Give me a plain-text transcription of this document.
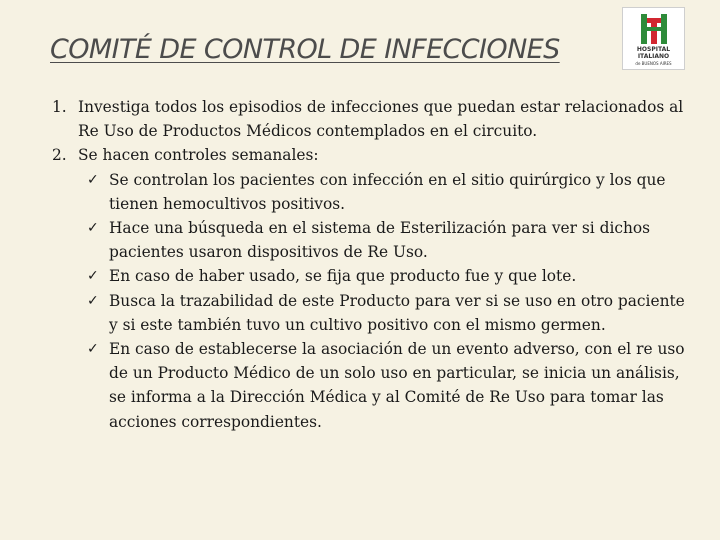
COMITÉ DE CONTROL DE INFECCIONES	HOSPITAL
ITALIANO
de BUENOS AIRES
1. Investiga todos los episodios de infecciones que puedan estar relacionados al Re Uso de Productos Médicos contemplados en el circuito.
2. Se hacen controles semanales:
✓ Se controlan los pacientes con infección en el sitio quirúrgico y los que tienen hemocultivos positivos.
✓ Hace una búsqueda en el sistema de Esterilización para ver si dichos pacientes usaron dispositivos de Re Uso.
✓ En caso de haber usado, se fija que producto fue y que lote.
✓ Busca la trazabilidad de este Producto para ver si se uso en otro paciente y si este también tuvo un cultivo positivo con el mismo germen.
✓ En caso de establecerse la asociación de un evento adverso, con el re uso de un Producto Médico de un solo uso en particular, se inicia un análisis, se informa a la Dirección Médica y al Comité de Re Uso para tomar las acciones correspondientes.
